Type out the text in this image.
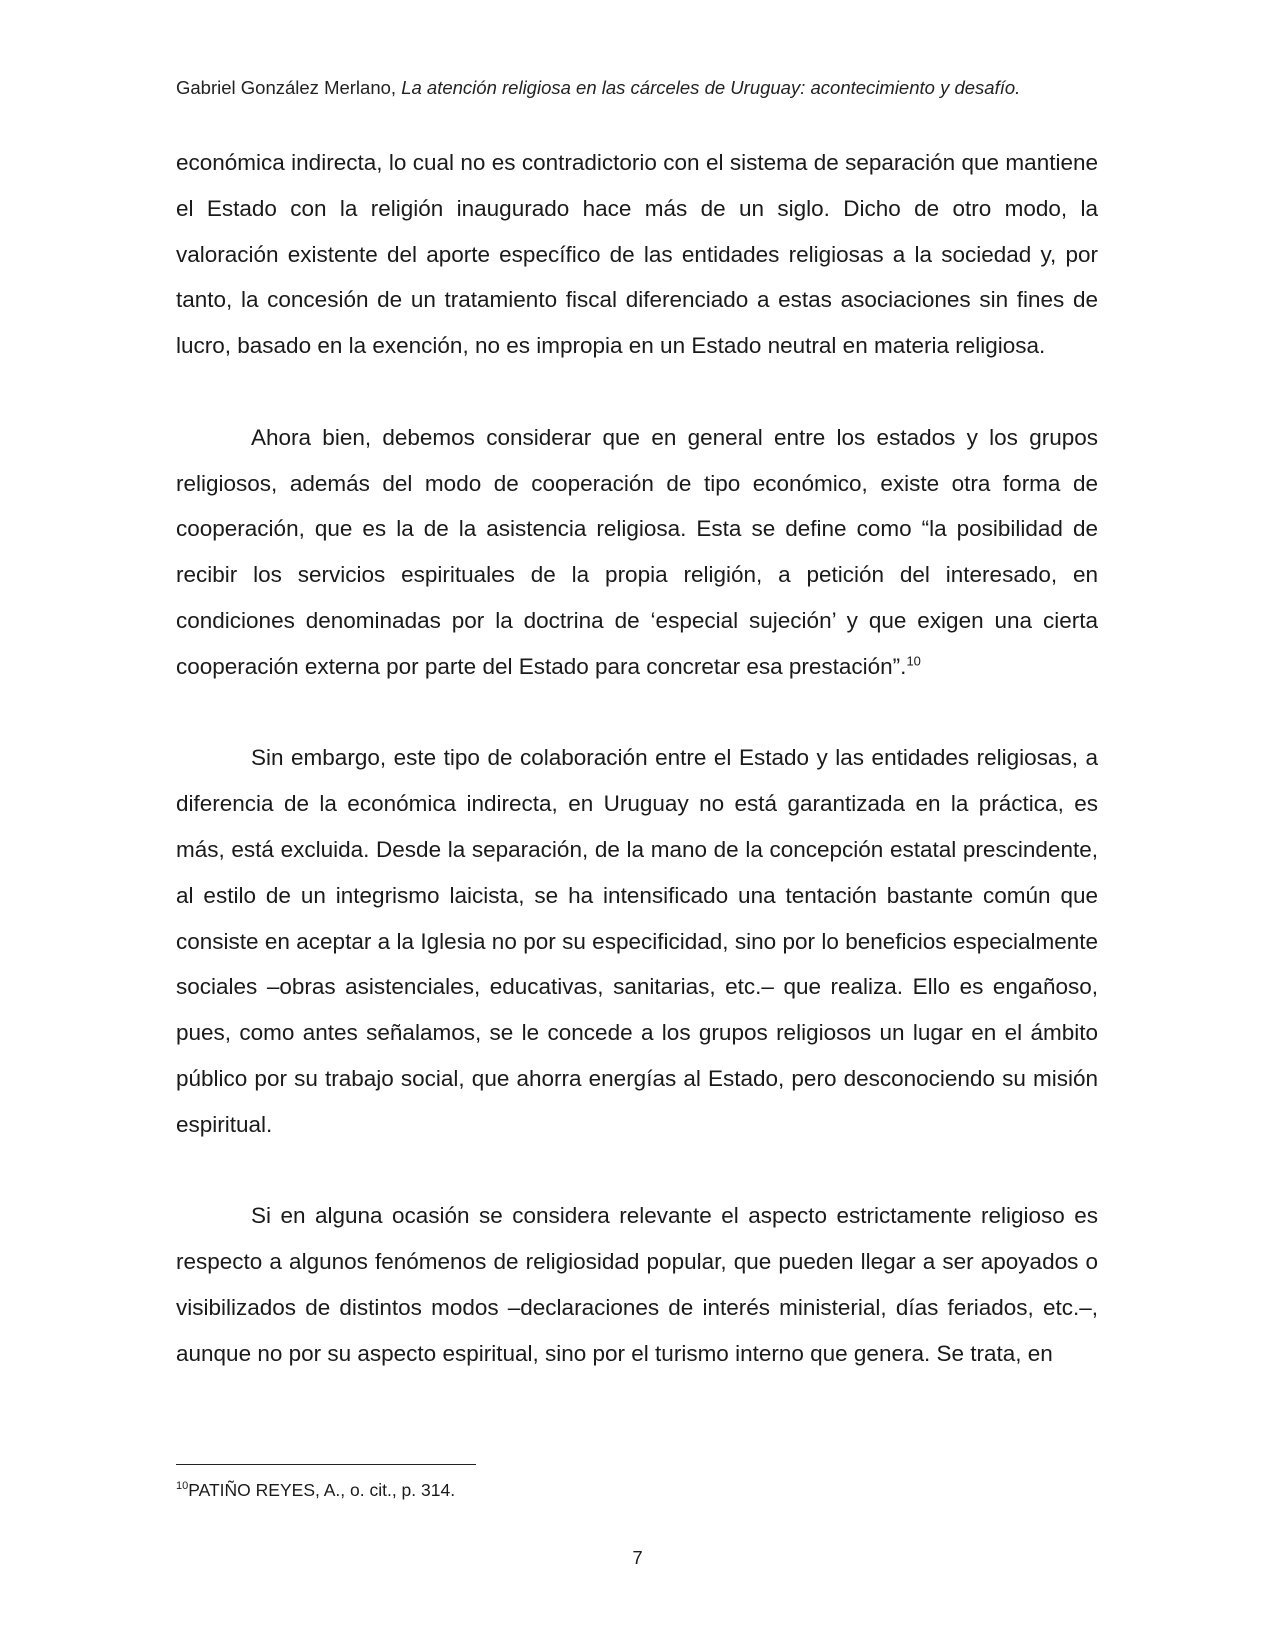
Gabriel González Merlano, La atención religiosa en las cárceles de Uruguay: acontecimiento y desafío.

económica indirecta, lo cual no es contradictorio con el sistema de separación que mantiene el Estado con la religión inaugurado hace más de un siglo. Dicho de otro modo, la valoración existente del aporte específico de las entidades religiosas a la sociedad y, por tanto, la concesión de un tratamiento fiscal diferenciado a estas asociaciones sin fines de lucro, basado en la exención, no es impropia en un Estado neutral en materia religiosa.

Ahora bien, debemos considerar que en general entre los estados y los grupos religiosos, además del modo de cooperación de tipo económico, existe otra forma de cooperación, que es la de la asistencia religiosa. Esta se define como “la posibilidad de recibir los servicios espirituales de la propia religión, a petición del interesado, en condiciones denominadas por la doctrina de ‘especial sujeción’ y que exigen una cierta cooperación externa por parte del Estado para concretar esa prestación”.$^{10}$

Sin embargo, este tipo de colaboración entre el Estado y las entidades religiosas, a diferencia de la económica indirecta, en Uruguay no está garantizada en la práctica, es más, está excluida. Desde la separación, de la mano de la concepción estatal prescindente, al estilo de un integrismo laicista, se ha intensificado una tentación bastante común que consiste en aceptar a la Iglesia no por su especificidad, sino por lo beneficios especialmente sociales –obras asistenciales, educativas, sanitarias, etc.– que realiza. Ello es engañoso, pues, como antes señalamos, se le concede a los grupos religiosos un lugar en el ámbito público por su trabajo social, que ahorra energías al Estado, pero desconociendo su misión espiritual.

Si en alguna ocasión se considera relevante el aspecto estrictamente religioso es respecto a algunos fenómenos de religiosidad popular, que pueden llegar a ser apoyados o visibilizados de distintos modos –declaraciones de interés ministerial, días feriados, etc.–, aunque no por su aspecto espiritual, sino por el turismo interno que genera. Se trata, en

$^{10}$PATIÑO REYES, A., o. cit., p. 314.
7
